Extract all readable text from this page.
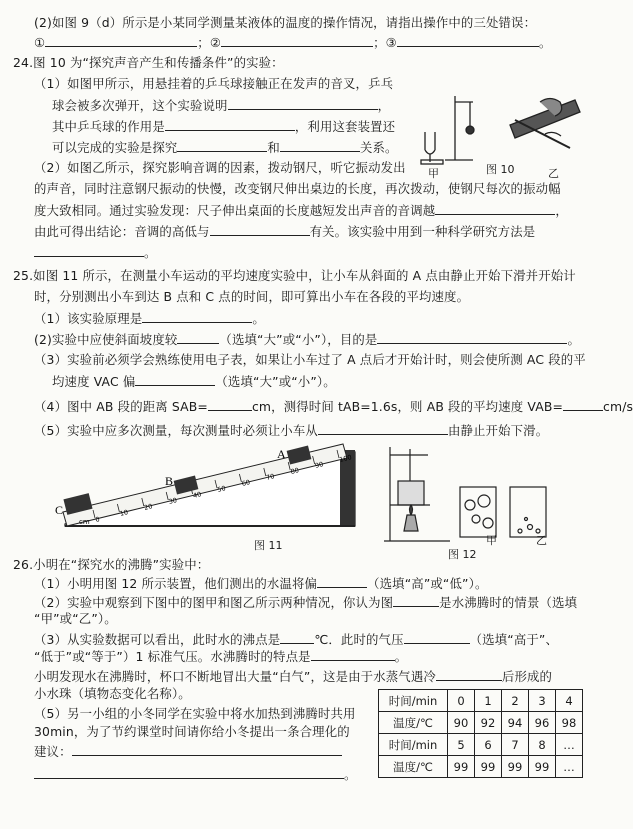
(2)如图 9（d）所示是小某同学测量某液体的温度的操作情况，请指出操作中的三处错误：
①	；②	；③	。
24.图 10 为“探究声音产生和传播条件”的实验：
（1）如图甲所示，用悬挂着的乒乓球接触正在发声的音叉，乒乓
球会被多次弹开，这个实验说明	，
其中乒乓球的作用是	，利用这套装置还
可以完成的实验是探究	和	关系。
（2）如图乙所示，探究影响音调的因素，拨动钢尺，听它振动发出
的声音，同时注意钢尺振动的快慢，改变钢尺伸出桌边的长度，再次拨动，使钢尺每次的振动幅
度大致相同。通过实验发现：尺子伸出桌面的长度越短发出声音的音调越	，
由此可得出结论：音调的高低与	有关。该实验中用到一种科学研究方法是
。
甲	图 10	乙
25.如图 11 所示，在测量小车运动的平均速度实验中，让小车从斜面的 A 点由静止开始下滑并开始计
时，分别测出小车到达 B 点和 C 点的时间，即可算出小车在各段的平均速度。
（1）该实验原理是	。
(2)实验中应使斜面坡度较	（选填“大”或“小”），目的是	。
（3）实验前必须学会熟练使用电子表，如果让小车过了 A 点后才开始计时，则会使所测 AC 段的平
均速度 VAC 偏	（选填“大”或“小”）。
（4）图中 AB 段的距离 SAB=	cm，测得时间 tAB=1.6s，则 AB 段的平均速度 VAB=	cm/s
（5）实验中应多次测量，每次测量时必须让小车从	由静止开始下滑。
0
10
20
30
40
50
60
70
80
90
100
A
B
C
cm
图 11
图 12
甲	乙
26.小明在“探究水的沸腾”实验中：
（1）小明用图 12 所示装置，他们测出的水温将偏	（选填“高”或“低”）。
（2）实验中观察到下图中的图甲和图乙所示两种情况，你认为图	是水沸腾时的情景（选填
“甲”或“乙”）。
（3）从实验数据可以看出，此时水的沸点是	℃．此时的气压	（选填“高于”、
“低于”或“等于”）1 标准气压。水沸腾时的特点是	。
小明发现水在沸腾时，杯口不断地冒出大量“白气”，这是由于水蒸气遇冷	后形成的
小水珠（填物态变化名称）。
（5）另一小组的小冬同学在实验中将水加热到沸腾时共用
30min，为了节约课堂时间请你给小冬提出一条合理化的
建议：
。
时间/min	0	1	2	3	4
温度/℃	90	92	94	96	98
时间/min	5	6	7	8	…
温度/℃	99	99	99	99	…
